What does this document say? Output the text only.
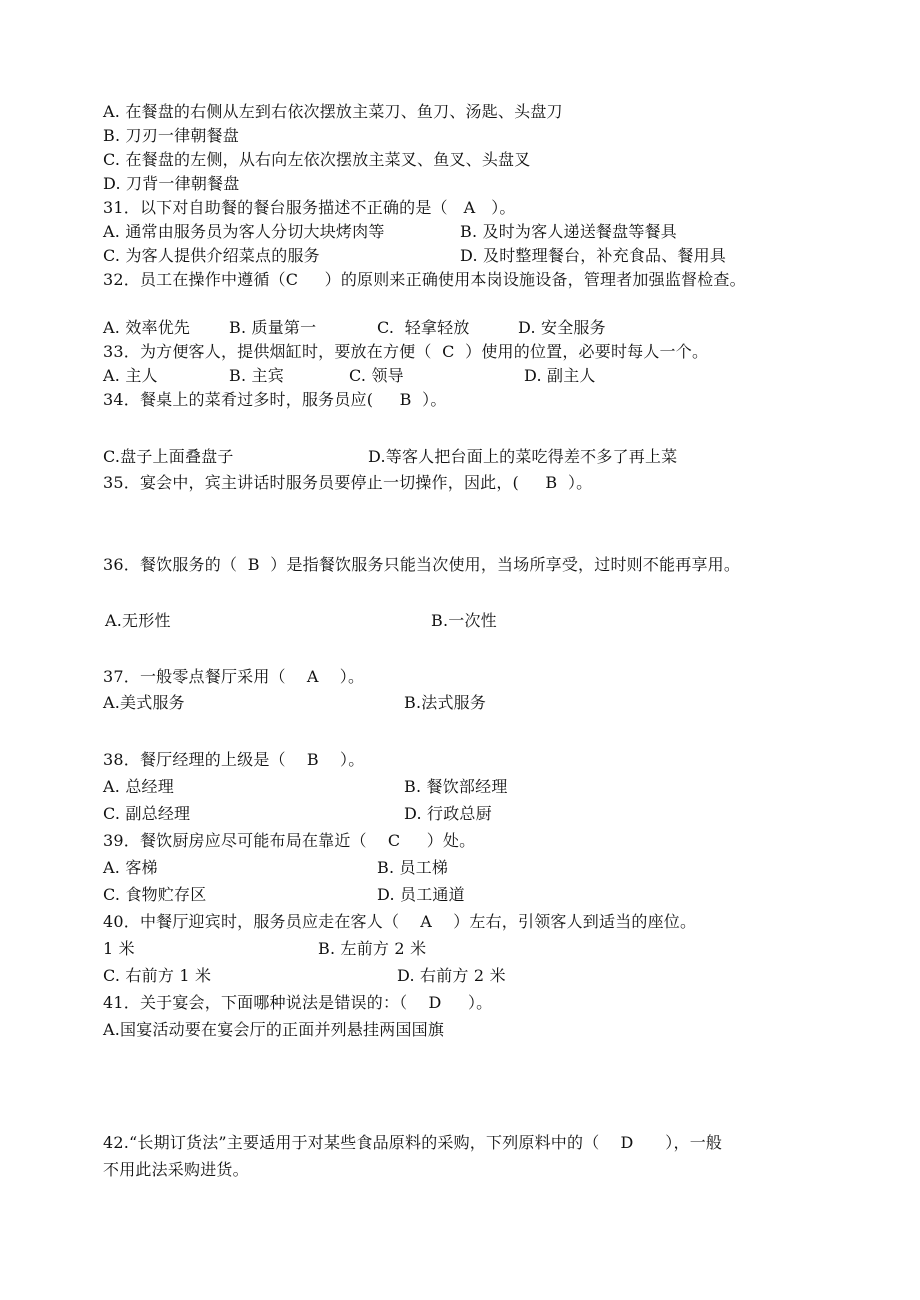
A. 在餐盘的右侧从左到右依次摆放主菜刀、鱼刀、汤匙、头盘刀
B. 刀刃一律朝餐盘
C. 在餐盘的左侧，从右向左依次摆放主菜叉、鱼叉、头盘叉
D. 刀背一律朝餐盘
31．以下对自助餐的餐台服务描述不正确的是（   A   ）。
A. 通常由服务员为客人分切大块烤肉等	B. 及时为客人递送餐盘等餐具
C. 为客人提供介绍菜点的服务	D. 及时整理餐台，补充食品、餐用具
32．员工在操作中遵循（C     ）的原则来正确使用本岗设施设备，管理者加强监督检查。
A. 效率优先 B. 质量第一	C.  轻拿轻放	D. 安全服务
33．为方便客人，提供烟缸时，要放在方便（  C  ）使用的位置，必要时每人一个。
A. 主人	B. 主宾	C. 领导	D. 副主人
34．餐桌上的菜肴过多时，服务员应(     B  ）。
C.盘子上面叠盘子	D.等客人把台面上的菜吃得差不多了再上菜
35．宴会中，宾主讲话时服务员要停止一切操作，因此，(     B  ）。
36．餐饮服务的（  B  ）是指餐饮服务只能当次使用，当场所享受，过时则不能再享用。
A.无形性	B.一次性
37．一般零点餐厅采用（    A    ）。
A.美式服务	B.法式服务
38．餐厅经理的上级是（    B    ）。
A. 总经理	B. 餐饮部经理
C. 副总经理	D. 行政总厨
39．餐饮厨房应尽可能布局在靠近（    C     ）处。
A. 客梯	B. 员工梯
C. 食物贮存区	D. 员工通道
40．中餐厅迎宾时，服务员应走在客人（    A    ）左右，引领客人到适当的座位。
1 米	B. 左前方 2 米
C. 右前方 1 米	D. 右前方 2 米
41．关于宴会，下面哪种说法是错误的：（    D     ）。
A.国宴活动要在宴会厅的正面并列悬挂两国国旗
42.“长期订货法”主要适用于对某些食品原料的采购，下列原料中的（    D      ），一般
不用此法采购进货。
